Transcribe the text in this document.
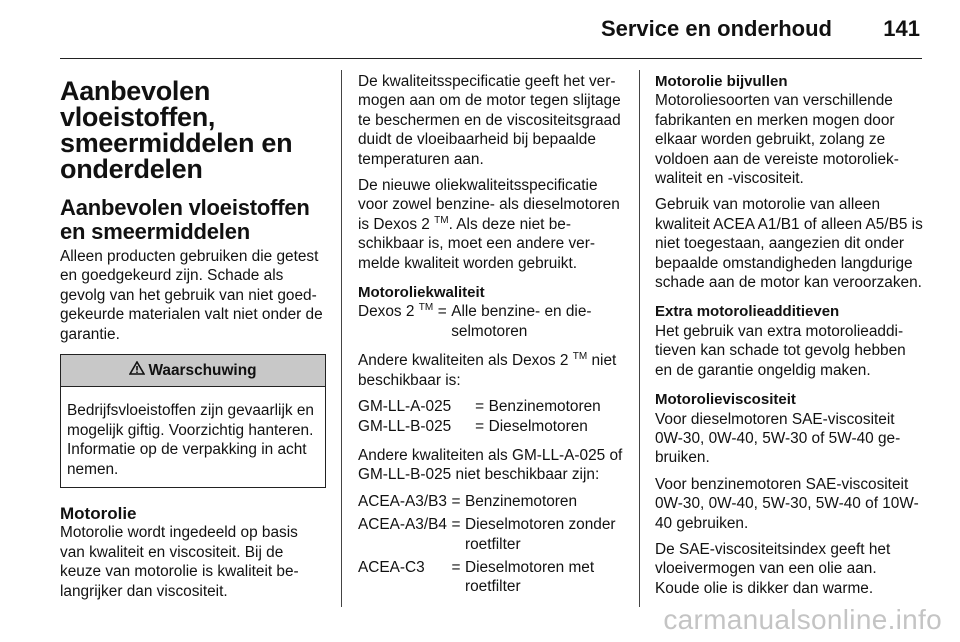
Service en onderhoud 141
Aanbevolen vloeistoffen, smeermiddelen en onderdelen
Aanbevolen vloeistoffen en smeermiddelen

Alleen producten gebruiken die getest en goedgekeurd zijn. Schade als gevolg van het gebruik van niet goedgekeurde materialen valt niet onder de garantie.

Waarschuwing
Bedrijfsvloeistoffen zijn gevaarlijk en mogelijk giftig. Voorzichtig hanteren. Informatie op de verpakking in acht nemen.
Motorolie

Motorolie wordt ingedeeld op basis van kwaliteit en viscositeit. Bij de keuze van motorolie is kwaliteit belangrijker dan viscositeit.

De kwaliteitsspecificatie geeft het vermogen aan om de motor tegen slijtage te beschermen en de viscositeitsgraad duidt de vloeibaarheid bij bepaalde temperaturen aan.

De nieuwe oliekwaliteitsspecificatie voor zowel benzine- als dieselmotoren is Dexos 2 ™. Als deze niet beschikbaar is, moet een andere vermelde kwaliteit worden gebruikt.

Motoroliekwaliteit
Dexos 2 ™	=	Alle benzine- en dieselmotoren

Andere kwaliteiten als Dexos 2 ™ niet beschikbaar is:

GM-LL-A-025	=	Benzinemotoren
GM-LL-B-025	=	Dieselmotoren

Andere kwaliteiten als GM-LL-A-025 of GM-LL-B-025 niet beschikbaar zijn:

ACEA-A3/B3	=	Benzinemotoren
ACEA-A3/B4	=	Dieselmotoren zonder roetfilter
ACEA-C3	=	Dieselmotoren met roetfilter
Motorolie bijvullen

Motoroliesoorten van verschillende fabrikanten en merken mogen door elkaar worden gebruikt, zolang ze voldoen aan de vereiste motoroliekwaliteit en -viscositeit.

Gebruik van motorolie van alleen kwaliteit ACEA A1/B1 of alleen A5/B5 is niet toegestaan, aangezien dit onder bepaalde omstandigheden langdurige schade aan de motor kan veroorzaken.

Extra motorolieadditieven

Het gebruik van extra motorolieadditieven kan schade tot gevolg hebben en de garantie ongeldig maken.

Motorolieviscositeit

Voor dieselmotoren SAE-viscositeit 0W-30, 0W-40, 5W-30 of 5W-40 gebruiken.

Voor benzinemotoren SAE-viscositeit 0W-30, 0W-40, 5W-30, 5W-40 of 10W-40 gebruiken.

De SAE-viscositeitsindex geeft het vloeivermogen van een olie aan. Koude olie is dikker dan warme.

carmanualsonline.info
